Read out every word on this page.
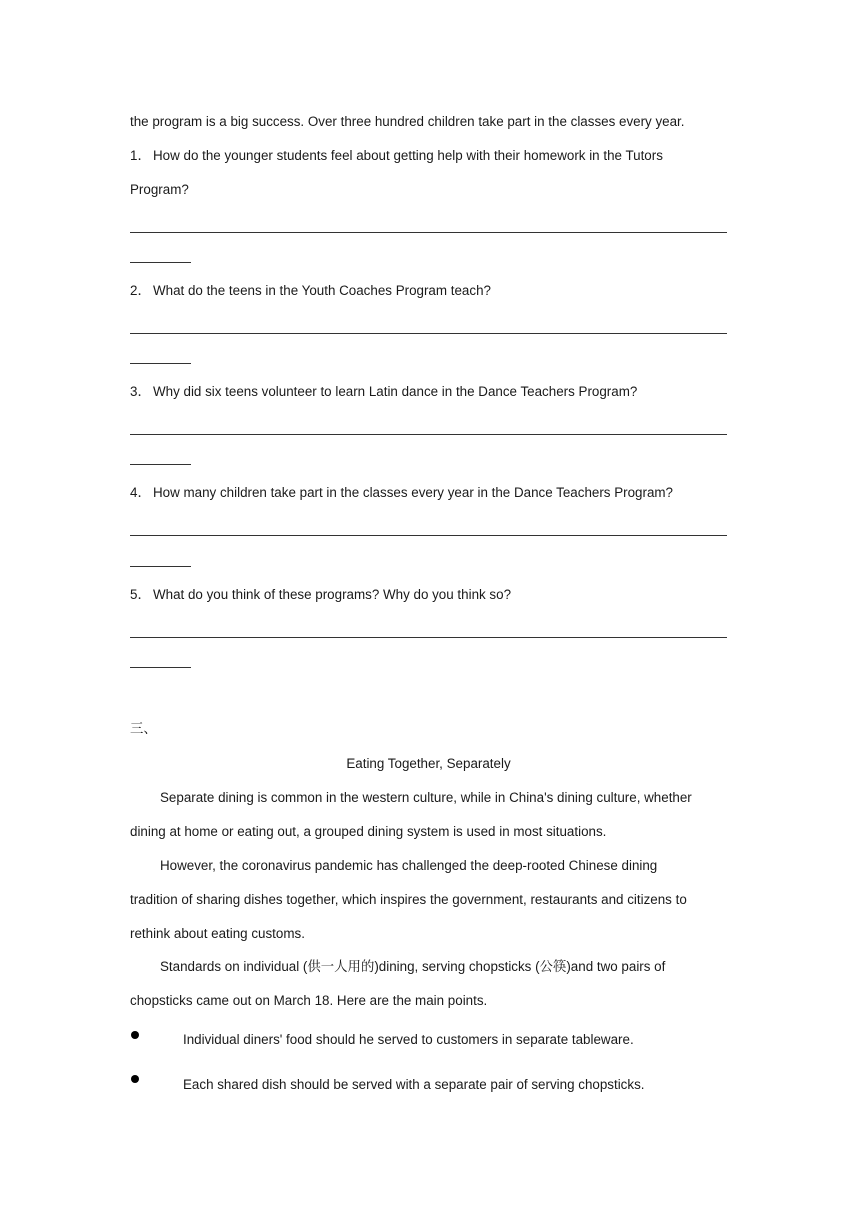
the program is a big success. Over three hundred children take part in the classes every year.
1． How do the younger students feel about getting help with their homework in the Tutors
Program?
2． What do the teens in the Youth Coaches Program teach?
3． Why did six teens volunteer to learn Latin dance in the Dance Teachers Program?
4． How many children take part in the classes every year in the Dance Teachers Program?
5． What do you think of these programs? Why do you think so?
三、
Eating Together, Separately
Separate dining is common in the western culture, while in China's dining culture, whether
dining at home or eating out, a grouped dining system is used in most situations.
However, the coronavirus pandemic has challenged the deep-rooted Chinese dining
tradition of sharing dishes together, which inspires the government, restaurants and citizens to
rethink about eating customs.
Standards on individual (供一人用的)dining, serving chopsticks (公筷)and two pairs of
chopsticks came out on March 18. Here are the main points.
Individual diners' food should he served to customers in separate tableware.
Each shared dish should be served with a separate pair of serving chopsticks.
